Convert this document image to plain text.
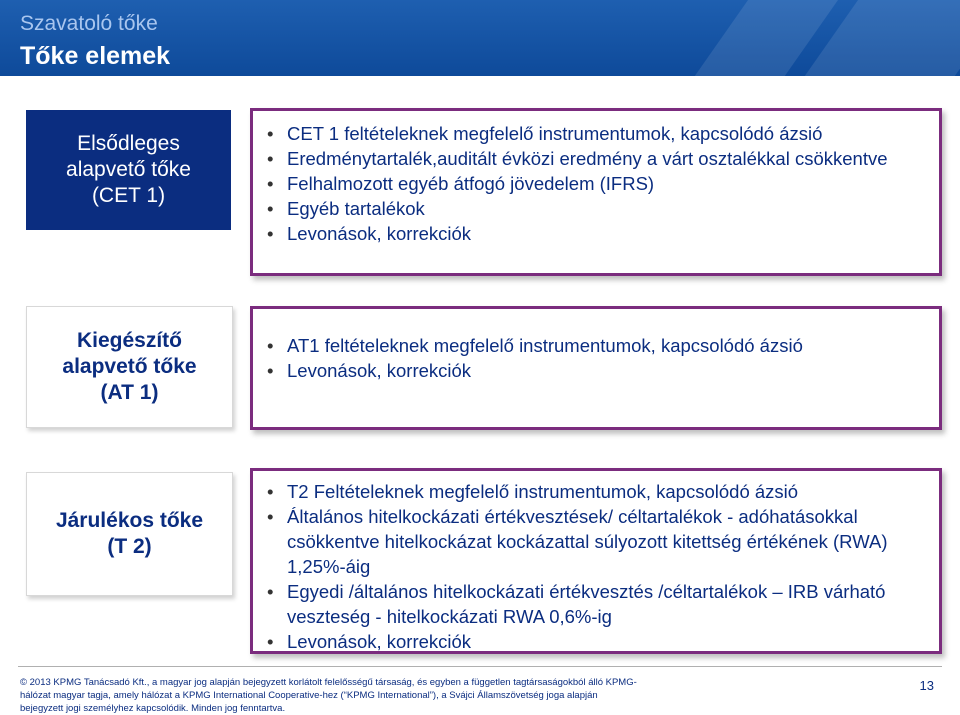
Szavatoló tőke
Tőke elemek
Elsődleges alapvető tőke (CET 1)
• CET 1 feltételeknek megfelelő instrumentumok, kapcsolódó ázsió
• Eredménytartalék,auditált évközi eredmény a várt osztalékkal csökkentve
• Felhalmozott egyéb átfogó jövedelem (IFRS)
• Egyéb tartalékok
• Levonások, korrekciók
Kiegészítő alapvető tőke (AT 1)
• AT1 feltételeknek megfelelő instrumentumok, kapcsolódó ázsió
• Levonások, korrekciók
Járulékos tőke (T 2)
• T2 Feltételeknek megfelelő instrumentumok, kapcsolódó ázsió
• Általános hitelkockázati értékvesztések/ céltartalékok - adóhatásokkal csökkentve hitelkockázat kockázattal súlyozott kitettség értékének (RWA) 1,25%-áig
• Egyedi /általános hitelkockázati értékvesztés /céltartalékok – IRB várható veszteség - hitelkockázati RWA 0,6%-ig
• Levonások, korrekciók
© 2013 KPMG Tanácsadó Kft., a magyar jog alapján bejegyzett korlátolt felelősségű társaság, és egyben a független tagtársaságokból álló KPMG-hálózat magyar tagja, amely hálózat a KPMG International Cooperative-hez (“KPMG International”), a Svájci Államszövetség joga alapján bejegyzett jogi személyhez kapcsolódik. Minden jog fenntartva.
13
